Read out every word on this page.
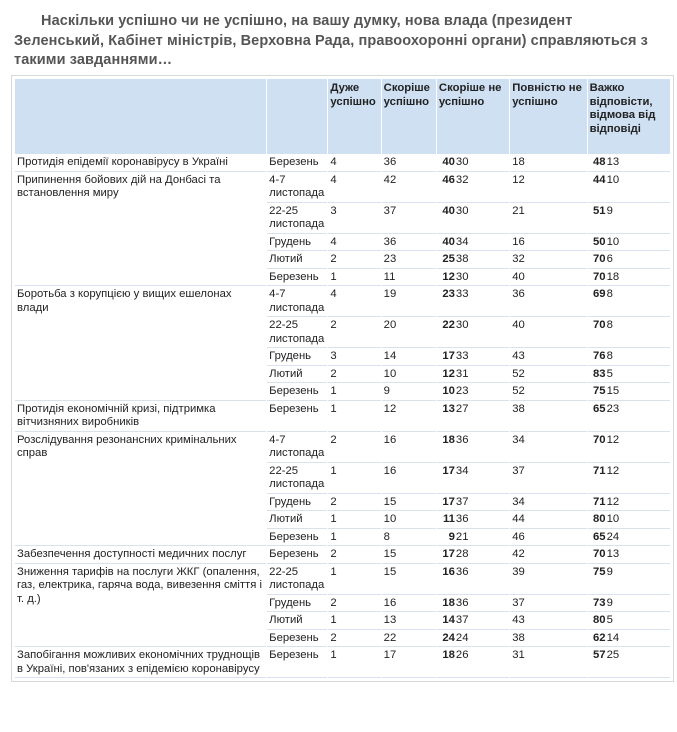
Наскільки успішно чи не успішно, на вашу думку, нова влада (президент Зеленський, Кабінет міністрів, Верховна Рада, правоохоронні органи) справляються з такими завданнями…
		Дуже успішно	Скоріше успішно	Скоріше не успішно	Повністю не успішно	Важко відповісти, відмова від відповіді
Протидія епідемії коронавірусу в Україні	Березень	4	36	40 30	18	48 13

Припинення бойових дій на Донбасі та встановлення миру	4-7 листопада	4	42	46 32	12	44 10

	22-25 листопада	3	37	40 30	21	51 9

	Грудень	4	36	40 34	16	50 10

	Лютий	2	23	25 38	32	70 6

	Березень	1	11	12 30	40	70 18

Боротьба з корупцією у вищих ешелонах влади	4-7 листопада	4	19	23 33	36	69 8

	22-25 листопада	2	20	22 30	40	70 8

	Грудень	3	14	17 33	43	76 8

	Лютий	2	10	12 31	52	83 5

	Березень	1	9	10 23	52	75 15

Протидія економічній кризі, підтримка вітчизняних виробників	Березень	1	12	13 27	38	65 23

Розслідування резонансних кримінальних справ	4-7 листопада	2	16	18 36	34	70 12

	22-25 листопада	1	16	17 34	37	71 12

	Грудень	2	15	17 37	34	71 12

	Лютий	1	10	11 36	44	80 10

	Березень	1	8	9 21	46	65 24

Забезпечення доступності медичних послуг	Березень	2	15	17 28	42	70 13

Зниження тарифів на послуги ЖКГ (опалення, газ, електрика, гаряча вода, вивезення сміття і т. д.)	22-25 листопада	1	15	16 36	39	75 9

	Грудень	2	16	18 36	37	73 9

	Лютий	1	13	14 37	43	80 5

	Березень	2	22	24 24	38	62 14

Запобігання можливих економічних труднощів в Україні, пов'язаних з епідемією коронавірусу	Березень	1	17	18 26	31	57 25
